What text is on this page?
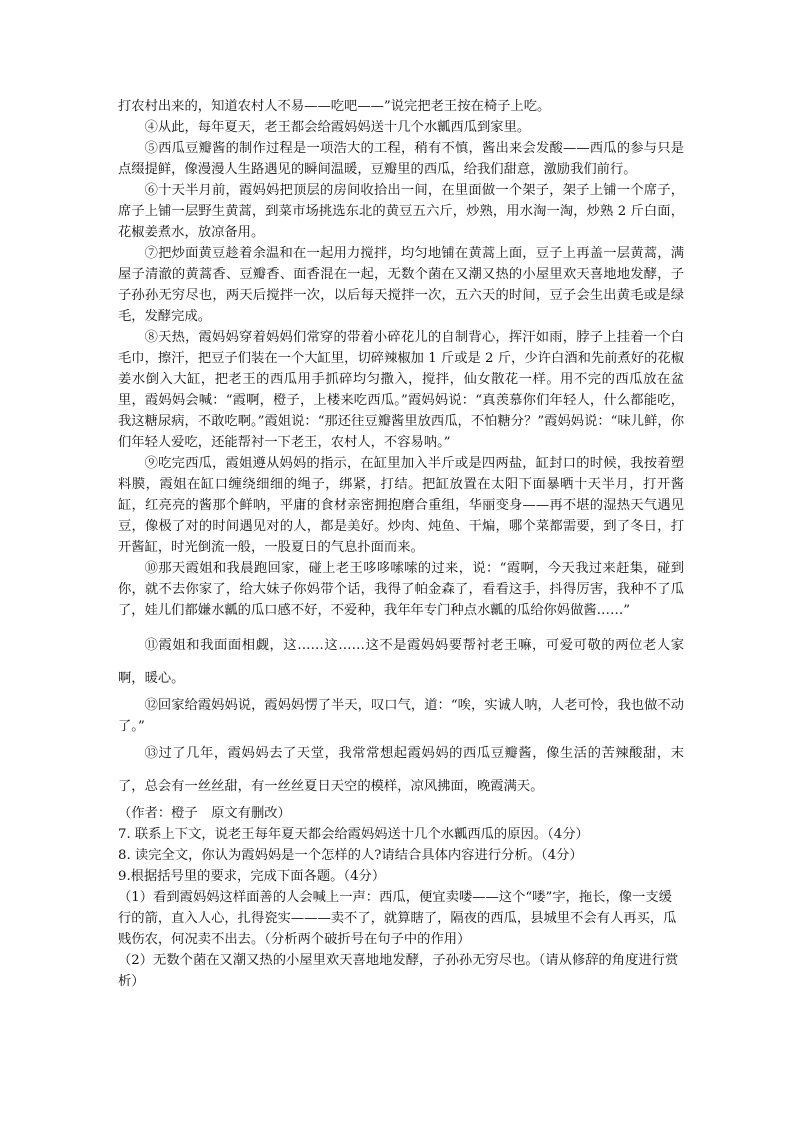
打农村出来的，知道农村人不易——吃吧——”说完把老王按在椅子上吃。

④从此，每年夏天，老王都会给霞妈妈送十几个水瓤西瓜到家里。

⑤西瓜豆瓣酱的制作过程是一项浩大的工程，稍有不慎，酱出来会发酸——西瓜的参与只是点缀提鲜，像漫漫人生路遇见的瞬间温暖，豆瓣里的西瓜，给我们甜意，激励我们前行。

⑥十天半月前，霞妈妈把顶层的房间收拾出一间，在里面做一个架子，架子上铺一个席子，席子上铺一层野生黄蒿，到菜市场挑选东北的黄豆五六斤，炒熟，用水淘一淘，炒熟 2 斤白面，花椒姜煮水，放凉备用。

⑦把炒面黄豆趁着余温和在一起用力搅拌，均匀地铺在黄蒿上面，豆子上再盖一层黄蒿，满屋子清澈的黄蒿香、豆瓣香、面香混在一起，无数个菌在又潮又热的小屋里欢天喜地地发酵，子子孙孙无穷尽也，两天后搅拌一次，以后每天搅拌一次，五六天的时间，豆子会生出黄毛或是绿毛，发酵完成。

⑧天热，霞妈妈穿着妈妈们常穿的带着小碎花儿的自制背心，挥汗如雨，脖子上挂着一个白毛巾，擦汗，把豆子们装在一个大缸里，切碎辣椒加 1 斤或是 2 斤，少许白酒和先前煮好的花椒姜水倒入大缸，把老王的西瓜用手抓碎均匀撒入，搅拌，仙女散花一样。用不完的西瓜放在盆里，霞妈妈会喊：“霞啊，橙子，上楼来吃西瓜。”霞妈妈说：“真羡慕你们年轻人，什么都能吃，我这糖尿病，不敢吃啊。”霞姐说：“那还往豆瓣酱里放西瓜，不怕糖分？”霞妈妈说：“味儿鲜，你们年轻人爱吃，还能帮衬一下老王，农村人，不容易呐。”

⑨吃完西瓜，霞姐遵从妈妈的指示，在缸里加入半斤或是四两盐，缸封口的时候，我按着塑料膜，霞姐在缸口缠绕细细的绳子，绑紧，打结。把缸放置在太阳下面暴晒十天半月，打开酱缸，红亮亮的酱那个鲜呐，平庸的食材亲密拥抱磨合重组，华丽变身——再不堪的湿热天气遇见豆，像极了对的时间遇见对的人，都是美好。炒肉、炖鱼、干煸，哪个菜都需要，到了冬日，打开酱缸，时光倒流一般，一股夏日的气息扑面而来。

⑩那天霞姐和我晨跑回家，碰上老王哆哆嗦嗦的过来，说：“霞啊，今天我过来赶集，碰到你，就不去你家了，给大妹子你妈带个话，我得了帕金森了，看看这手，抖得厉害，我种不了瓜了，娃儿们都嫌水瓤的瓜口感不好，不爱种，我年年专门种点水瓤的瓜给你妈做酱……”

⑪霞姐和我面面相觑，这……这……这不是霞妈妈要帮衬老王嘛，可爱可敬的两位老人家啊，暖心。

⑫回家给霞妈妈说，霞妈妈愣了半天，叹口气，道：“唉，实诚人呐，人老可怜，我也做不动了。”

⑬过了几年，霞妈妈去了天堂，我常常想起霞妈妈的西瓜豆瓣酱，像生活的苦辣酸甜，末了，总会有一丝丝甜，有一丝丝夏日天空的模样，凉风拂面，晚霞满天。

（作者：橙子　原文有删改）

7. 联系上下文，说老王每年夏天都会给霞妈妈送十几个水瓤西瓜的原因。（4分）

8. 读完全文，你认为霞妈妈是一个怎样的人?请结合具体内容进行分析。（4分）

9.根据括号里的要求，完成下面各题。（4分）

（1）看到霞妈妈这样面善的人会喊上一声：西瓜，便宜卖喽——这个“喽”字，拖长，像一支缓行的箭，直入人心，扎得瓷实———卖不了，就算瞎了，隔夜的西瓜，县城里不会有人再买，瓜贱伤农，何况卖不出去。（分析两个破折号在句子中的作用）

（2）无数个菌在又潮又热的小屋里欢天喜地地发酵，子孙孙无穷尽也。（请从修辞的角度进行赏析）
